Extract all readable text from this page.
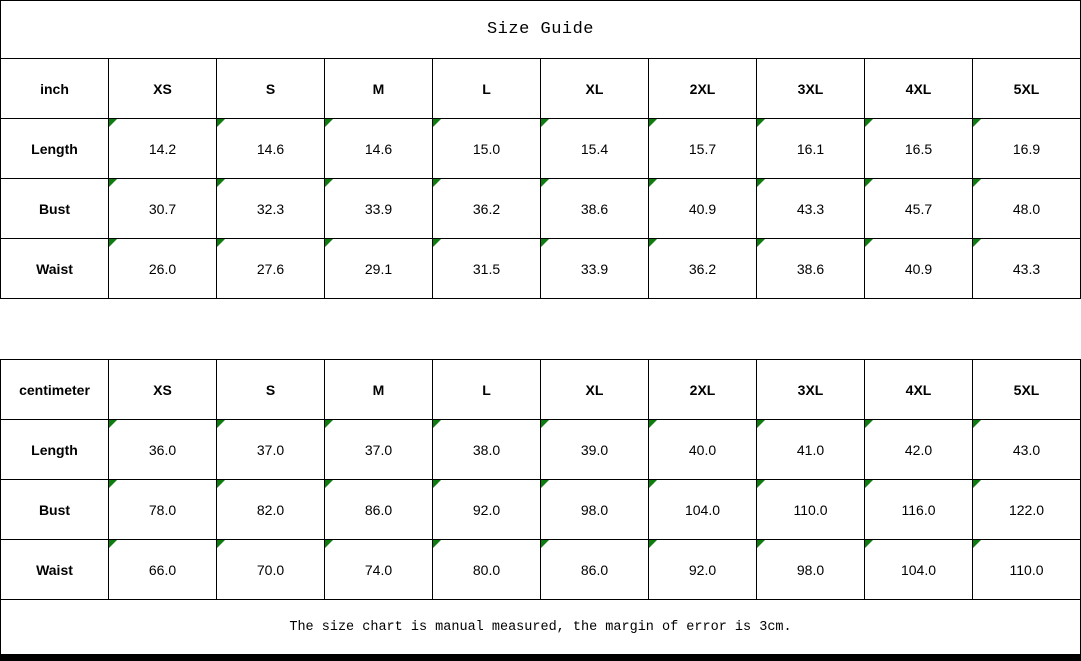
Size Guide
inch	XS	S	M	L	XL	2XL	3XL	4XL	5XL
Length	14.2	14.6	14.6	15.0	15.4	15.7	16.1	16.5	16.9
Bust	30.7	32.3	33.9	36.2	38.6	40.9	43.3	45.7	48.0
Waist	26.0	27.6	29.1	31.5	33.9	36.2	38.6	40.9	43.3
centimeter	XS	S	M	L	XL	2XL	3XL	4XL	5XL
Length	36.0	37.0	37.0	38.0	39.0	40.0	41.0	42.0	43.0
Bust	78.0	82.0	86.0	92.0	98.0	104.0	110.0	116.0	122.0
Waist	66.0	70.0	74.0	80.0	86.0	92.0	98.0	104.0	110.0
The size chart is manual measured, the margin of error is 3cm.
